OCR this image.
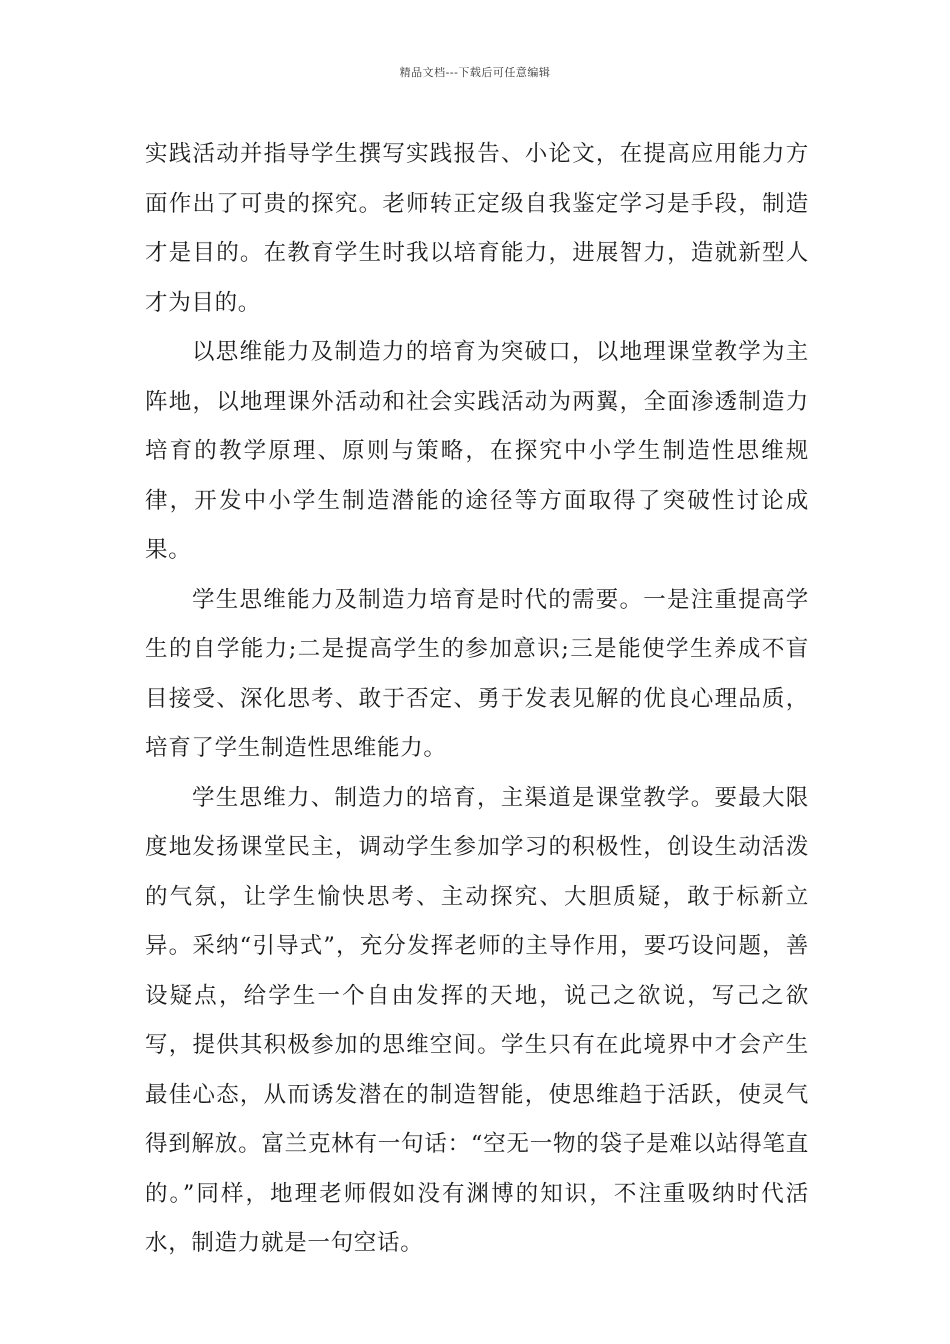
精品文档---下载后可任意编辑

实践活动并指导学生撰写实践报告、小论文，在提高应用能力方面作出了可贵的探究。老师转正定级自我鉴定学习是手段，制造才是目的。在教育学生时我以培育能力，进展智力，造就新型人才为目的。

以思维能力及制造力的培育为突破口，以地理课堂教学为主阵地，以地理课外活动和社会实践活动为两翼，全面渗透制造力培育的教学原理、原则与策略，在探究中小学生制造性思维规律，开发中小学生制造潜能的途径等方面取得了突破性讨论成果。

学生思维能力及制造力培育是时代的需要。一是注重提高学生的自学能力;二是提高学生的参加意识;三是能使学生养成不盲目接受、深化思考、敢于否定、勇于发表见解的优良心理品质，培育了学生制造性思维能力。

学生思维力、制造力的培育，主渠道是课堂教学。要最大限度地发扬课堂民主，调动学生参加学习的积极性，创设生动活泼的气氛，让学生愉快思考、主动探究、大胆质疑，敢于标新立异。采纳“引导式”，充分发挥老师的主导作用，要巧设问题，善设疑点，给学生一个自由发挥的天地，说己之欲说，写己之欲写，提供其积极参加的思维空间。学生只有在此境界中才会产生最佳心态，从而诱发潜在的制造智能，使思维趋于活跃，使灵气得到解放。富兰克林有一句话：“空无一物的袋子是难以站得笔直的。”同样，地理老师假如没有渊博的知识，不注重吸纳时代活水，制造力就是一句空话。
